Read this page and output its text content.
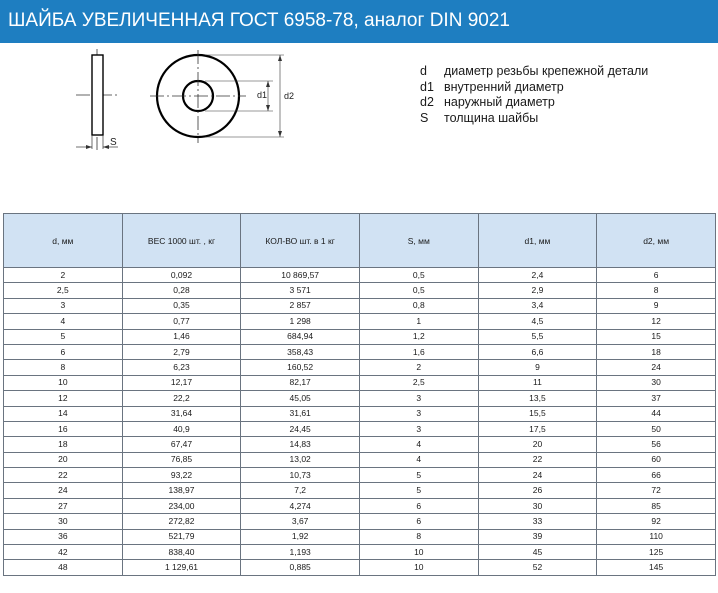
ШАЙБА УВЕЛИЧЕННАЯ ГОСТ 6958-78, аналог DIN 9021
S
d1 d2
d	диаметр резьбы крепежной детали
d1 внутренний диаметр
d2 наружный диаметр
S	толщина шайбы
d, мм	ВЕС 1000 шт. , кг	КОЛ-ВО шт. в 1 кг	S, мм	d1, мм	d2, мм
2	0,092	10 869,57	0,5	2,4	6
2,5	0,28	3 571	0,5	2,9	8
3	0,35	2 857	0,8	3,4	9
4	0,77	1 298	1	4,5	12
5	1,46	684,94	1,2	5,5	15
6	2,79	358,43	1,6	6,6	18
8	6,23	160,52	2	9	24
10	12,17	82,17	2,5	11	30
12	22,2	45,05	3	13,5	37
14	31,64	31,61	3	15,5	44
16	40,9	24,45	3	17,5	50
18	67,47	14,83	4	20	56
20	76,85	13,02	4	22	60
22	93,22	10,73	5	24	66
24	138,97	7,2	5	26	72
27	234,00	4,274	6	30	85
30	272,82	3,67	6	33	92
36	521,79	1,92	8	39	110
42	838,40	1,193	10	45	125
48	1 129,61	0,885	10	52	145
